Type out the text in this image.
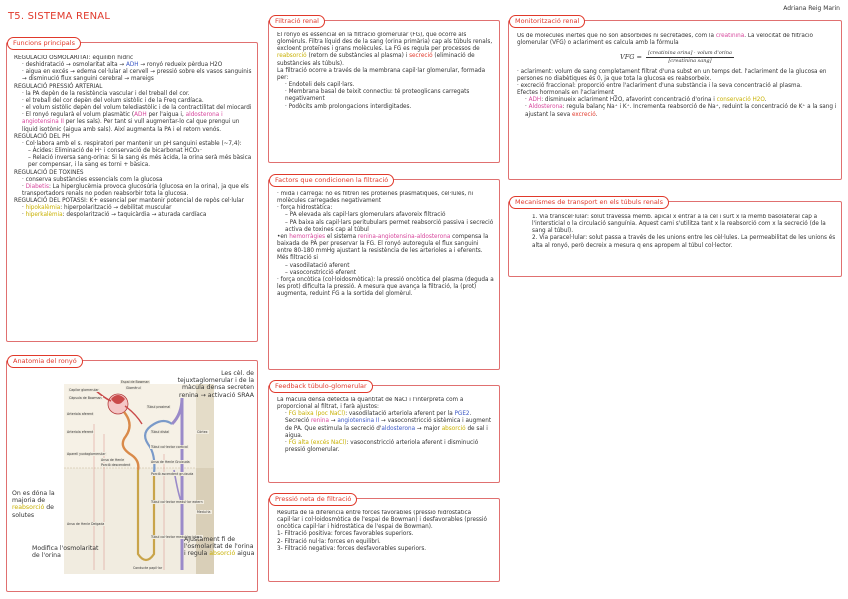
T5. SISTEMA RENAL
Adriana Reig Marin
Funcions principals

REGULACIÓ OSMOLARITAT: equilibri hídric

· deshidratació → osmolaritat alta → ADH → ronyó redueix pèrdua H2O

· aigua en excés → edema cel·lular al cervell → pressió sobre els vasos sanguinis → disminució flux sanguini cerebral → mareigs

REGULACIÓ PRESSIÓ ARTERIAL

· la PA depèn de la resistència vascular i del treball del cor.

· el treball del cor depèn del volum sistòlic i de la Freq cardíaca.

· el volum sistòlic depèn del volum telediastòlic i de la contractilitat del miocardi

· El ronyó regularà el volum plasmàtic (ADH per l'aigua i, aldosterona i angiotensina II per les sals). Per tant si vull augmentar-lo cal que prengui un líquid isotònic (aigua amb sals). Així augmenta la PA i el retorn venós.

REGULACIÓ DEL PH

· Col·labora amb el s. respiratori per mantenir un pH sanguini estable (~7,4):

– Àcides: Eliminació de H⁺ i conservació de bicarbonat HCO₃⁻

– Relació inversa sang-orina: Si la sang és més àcida, la orina serà més bàsica per compensar, i la sang es torni + bàsica.

REGULACIÓ DE TOXINES

· conserva substàncies essencials com la glucosa

· Diabetis: La hiperglucèmia provoca glucosúria (glucosa en la orina), ja que els transportadors renals no poden reabsorbir tota la glucosa.

REGULACIÓ DEL POTASSI: K+ essencial per mantenir potencial de repòs cel·lular

· hipokalèmia: hiperpolarització → debilitat muscular

· hiperkalèmia: despolarització → taquicàrdia → aturada cardíaca

Anatomia del ronyó
Capilar glomerular
Espai de Bowman
Glomèrul
Càpsula de Bowman
Arteriola aferent
Túbul proximal
Arteriola eferent	Túbul distal
Túbul col·lector cortical
Aparell yuxtaglomerular
Ansa de Henle
Porció descendent
Ansa de Henle Gruixuda
Porció ascendent gruixuda
Còrtex
Túbul col·lector medul·lar extern
Medul·la
Ansa de Henle Delgada
Túbul col·lector medul·lar intern
Conducte papil·lar
Les cèl. de tejuxtaglomerular i de la màcula densa secreten renina → activació SRAA
On es dóna la majoria de reabsorció de solutes
Modifica l'osmolaritat de l'orina
Ajustament fi de l'osmolaritat de l'orina i regula absorció aigua
Filtració renal

El ronyó és essencial en la filtració glomerular (FG), que ocorre als glomèruls. Filtra líquid des de la sang (orina primària) cap als túbuls renals, excloent proteïnes i grans molècules. La FG es regula per processos de reabsorció (retorn de substàncies al plasma) i secreció (eliminació de substàncies als túbuls).

La filtració ocorre a través de la membrana capil·lar glomerular, formada per:

· Endoteli dels capil·lars.

· Membrana basal de teixit connectiu: té proteoglicans carregats negativament

· Podòcits amb prolongacions interdigitades.

Factors que condicionen la filtració

· mida i càrrega: no es filtren les proteïnes plasmàtiques, cèl·lules, ni molècules carregades negativament

· força hidrostàtica:

– PA elevada als capil·lars glomerulars afavoreix filtració

– PA baixa als capil·lars peritubulars permet reabsorció passiva i secreció activa de toxines cap al túbul

•en hemorràgies el sistema renina-angiotensina-aldosterona compensa la baixada de PA per preservar la FG. El ronyó autoregula el flux sanguini entre 80-180 mmHg ajustant la resistència de les arterioles a i eferents. Més filtració si

– vasodilatació aferent

– vasoconstricció eferent

· força oncòtica (col·loidosmòtica): la pressió oncòtica del plasma (deguda a les prot) dificulta la pressió. A mesura que avança la filtració, la (prot) augmenta, reduint FG a la sortida del glomèrul.

Feedback túbulo-glomerular

La màcula densa detecta la quantitat de NaCl i l'interpreta com a proporcional al filtrat, i farà ajustos:

· FG baixa (poc NaCl): vasodilatació arteriola aferent per la PGE2. Secreció renina → angiotensina II → vasoconstricció sistèmica i augment de PA. Que estimula la secreció d'aldosterona → major absorció de sal i aigua.

· FG alta (excés NaCl): vasoconstricció arteriola aferent i disminució pressió glomerular.

Pressió neta de filtració

Resulta de la diferència entre forces favorables (pressió hidrostàtica capil·lar i col·loidosmòtica de l'espai de Bowman) i desfavorables (pressió oncòtica capil·lar i hidrostàtica de l'espai de Bowman).

1- Filtració positiva: forces favorables superiors.

2- Filtració nul·la: forces en equilibri.

3- Filtració negativa: forces desfavorables superiors.

Monitorització renal

Ús de molècules inertes que no són absorbides ni secretades, com la creatinina. La velocitat de filtració glomerular (VFG) o aclariment es calcula amb la fórmula

VFG = $\frac{\text{[creatinina orina] · volum d'orina}}{\text{[creatinina sang]}}$

· aclariment: volum de sang completament filtrat d'una subst en un temps det. l'aclariment de la glucosa en persones no diabètiques és 0, ja que tota la glucosa es reabsorbeix.

· excreció fraccional: proporció entre l'aclariment d'una substància i la seva concentració al plasma.

Efectes hormonals en l'aclariment_

· ADH: disminueix aclariment H2O, afavorint concentració d'orina i conservació H2O.

· Aldosterona: regula balanç Na⁺ i K⁺. Incrementa reabsorció de Na⁺, reduint la concentració de K⁺ a la sang i ajustant la seva excreció.

Mecanismes de transport en els túbuls renals

1. Via transcel·lular: solut travessa memb. apical x entrar a la cèl i surt x la memb basolateral cap a l'intersticial o la circulació sanguínia. Aquest cami s'utilitza tant x la reabsorció com x la secreció (de la sang al túbul).

2. Via paracel·lular: solut passa a través de les unions entre les cèl·lules. La permeabilitat de les unions és alta al ronyó, però decreix a mesura q ens apropem al túbul col·lector.
